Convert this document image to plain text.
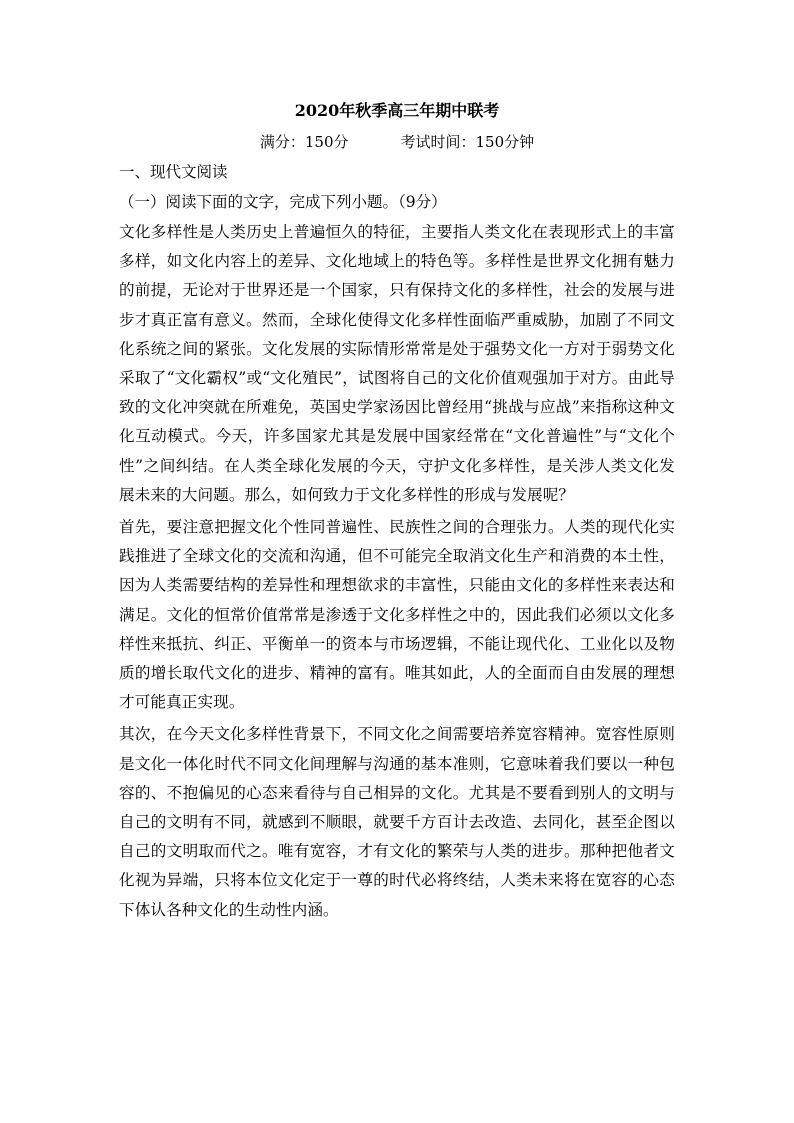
2020年秋季高三年期中联考
满分：150分	考试时间：150分钟
一、现代文阅读
（一）阅读下面的文字，完成下列小题。（9分）

文化多样性是人类历史上普遍恒久的特征，主要指人类文化在表现形式上的丰富多样，如文化内容上的差异、文化地域上的特色等。多样性是世界文化拥有魅力的前提，无论对于世界还是一个国家，只有保持文化的多样性，社会的发展与进步才真正富有意义。然而，全球化使得文化多样性面临严重威胁，加剧了不同文化系统之间的紧张。文化发展的实际情形常常是处于强势文化一方对于弱势文化采取了“文化霸权”或“文化殖民”，试图将自己的文化价值观强加于对方。由此导致的文化冲突就在所难免，英国史学家汤因比曾经用“挑战与应战”来指称这种文化互动模式。今天，许多国家尤其是发展中国家经常在“文化普遍性”与“文化个性”之间纠结。在人类全球化发展的今天，守护文化多样性，是关涉人类文化发展未来的大问题。那么，如何致力于文化多样性的形成与发展呢？

首先，要注意把握文化个性同普遍性、民族性之间的合理张力。人类的现代化实践推进了全球文化的交流和沟通，但不可能完全取消文化生产和消费的本土性，因为人类需要结构的差异性和理想欲求的丰富性，只能由文化的多样性来表达和满足。文化的恒常价值常常是渗透于文化多样性之中的，因此我们必须以文化多样性来抵抗、纠正、平衡单一的资本与市场逻辑，不能让现代化、工业化以及物质的增长取代文化的进步、精神的富有。唯其如此，人的全面而自由发展的理想才可能真正实现。

其次，在今天文化多样性背景下，不同文化之间需要培养宽容精神。宽容性原则是文化一体化时代不同文化间理解与沟通的基本准则，它意味着我们要以一种包容的、不抱偏见的心态来看待与自己相异的文化。尤其是不要看到别人的文明与自己的文明有不同，就感到不顺眼，就要千方百计去改造、去同化，甚至企图以自己的文明取而代之。唯有宽容，才有文化的繁荣与人类的进步。那种把他者文化视为异端，只将本位文化定于一尊的时代必将终结，人类未来将在宽容的心态下体认各种文化的生动性内涵。
